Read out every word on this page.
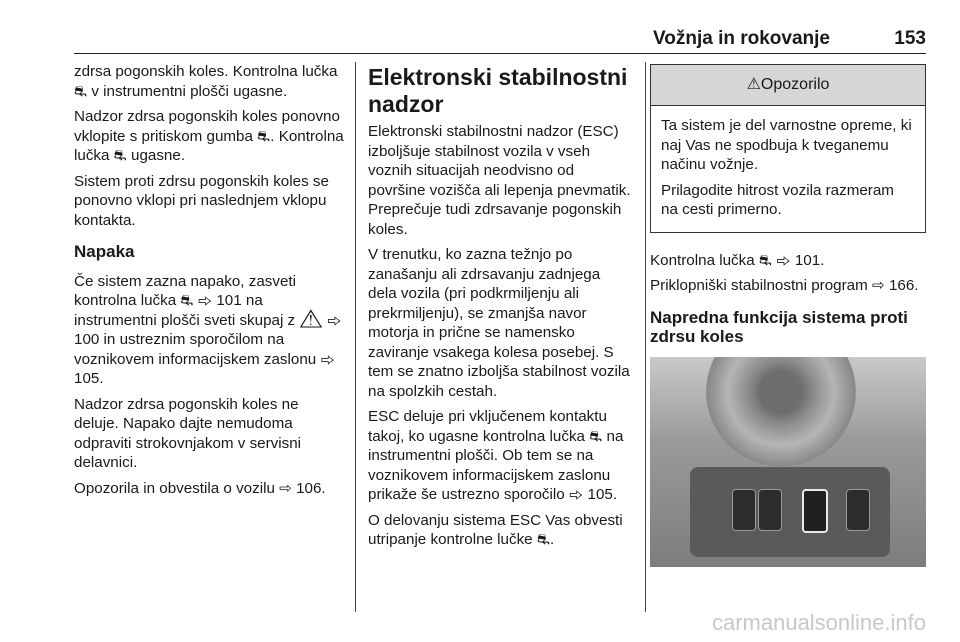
Vožnja in rokovanje	153

zdrsa pogonskih koles. Kontrolna lučka ⛐ v instrumentni plošči ugasne.

Nadzor zdrsa pogonskih koles ponovno vklopite s pritiskom gumba ⛐. Kontrolna lučka ⛐ ugasne.

Sistem proti zdrsu pogonskih koles se ponovno vklopi pri naslednjem vklopu kontakta.

Napaka

Če sistem zazna napako, zasveti kontrolna lučka ⛐ ⇨ 101 na instrumentni plošči sveti skupaj z ⚠ ⇨ 100 in ustreznim sporočilom na voznikovem informacijskem zaslonu ⇨ 105.

Nadzor zdrsa pogonskih koles ne deluje. Napako dajte nemudoma odpraviti strokovnjakom v servisni delavnici.

Opozorila in obvestila o vozilu ⇨ 106.

Elektronski stabilnostni nadzor

Elektronski stabilnostni nadzor (ESC) izboljšuje stabilnost vozila v vseh voznih situacijah neodvisno od površine vozišča ali lepenja pnevmatik. Preprečuje tudi zdrsavanje pogonskih koles.

V trenutku, ko zazna težnjo po zanašanju ali zdrsavanju zadnjega dela vozila (pri podkrmiljenju ali prekrmiljenju), se zmanjša navor motorja in prične se namensko zaviranje vsakega kolesa posebej. S tem se znatno izboljša stabilnost vozila na spolzkih cestah.

ESC deluje pri vključenem kontaktu takoj, ko ugasne kontrolna lučka ⛐ na instrumentni plošči. Ob tem se na voznikovem informacijskem zaslonu prikaže še ustrezno sporočilo ⇨ 105.

O delovanju sistema ESC Vas obvesti utripanje kontrolne lučke ⛐.

⚠Opozorilo

Ta sistem je del varnostne opreme, ki naj Vas ne spodbuja k tveganemu načinu vožnje.

Prilagodite hitrost vozila razmeram na cesti primerno.

Kontrolna lučka ⛐ ⇨ 101.

Priklopniški stabilnostni program ⇨ 166.

Napredna funkcija sistema proti zdrsu koles
carmanualsonline.info
